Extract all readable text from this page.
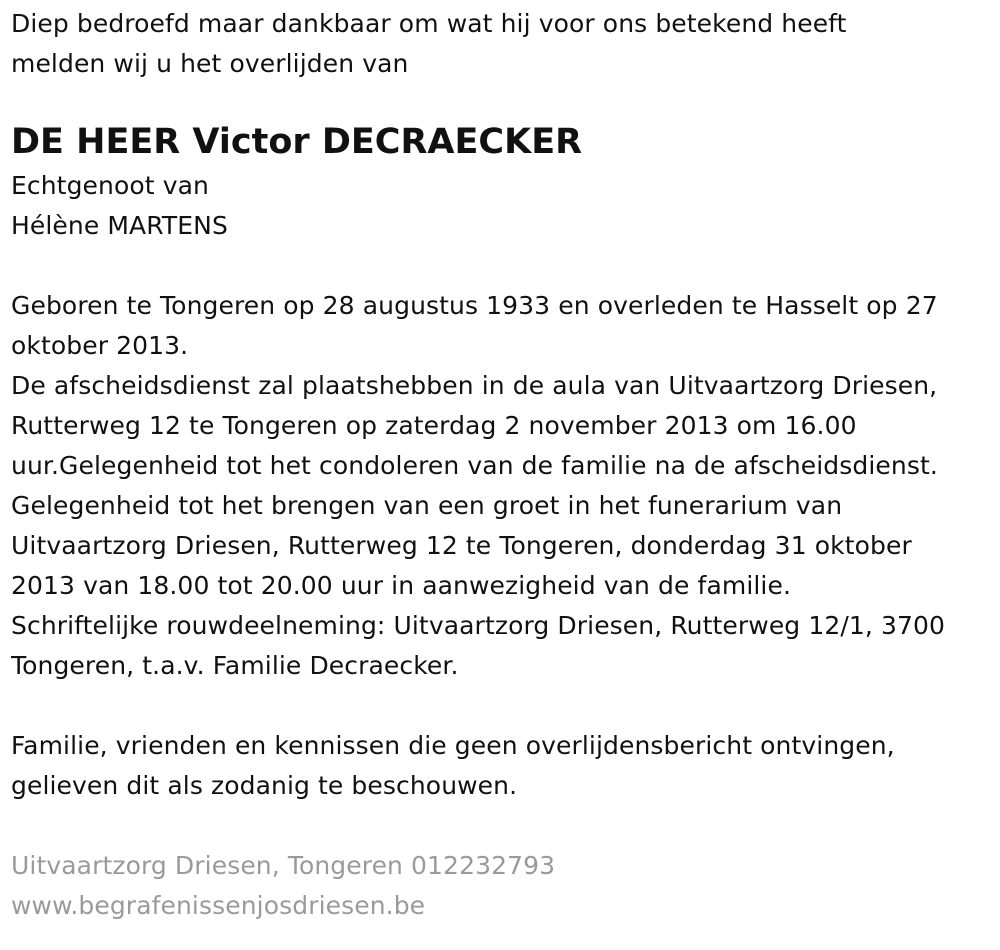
Diep bedroefd maar dankbaar om wat hij voor ons betekend heeft
melden wij u het overlijden van
DE HEER Victor DECRAECKER
Echtgenoot van
Hélène MARTENS
Geboren te Tongeren op 28 augustus 1933 en overleden te Hasselt op 27
oktober 2013.
De afscheidsdienst zal plaatshebben in de aula van Uitvaartzorg Driesen,
Rutterweg 12 te Tongeren op zaterdag 2 november 2013 om 16.00
uur.Gelegenheid tot het condoleren van de familie na de afscheidsdienst.
Gelegenheid tot het brengen van een groet in het funerarium van
Uitvaartzorg Driesen, Rutterweg 12 te Tongeren, donderdag 31 oktober
2013 van 18.00 tot 20.00 uur in aanwezigheid van de familie.
Schriftelijke rouwdeelneming: Uitvaartzorg Driesen, Rutterweg 12/1, 3700
Tongeren, t.a.v. Familie Decraecker.
Familie, vrienden en kennissen die geen overlijdensbericht ontvingen,
gelieven dit als zodanig te beschouwen.
Uitvaartzorg Driesen, Tongeren 012232793
www.begrafenissenjosdriesen.be
